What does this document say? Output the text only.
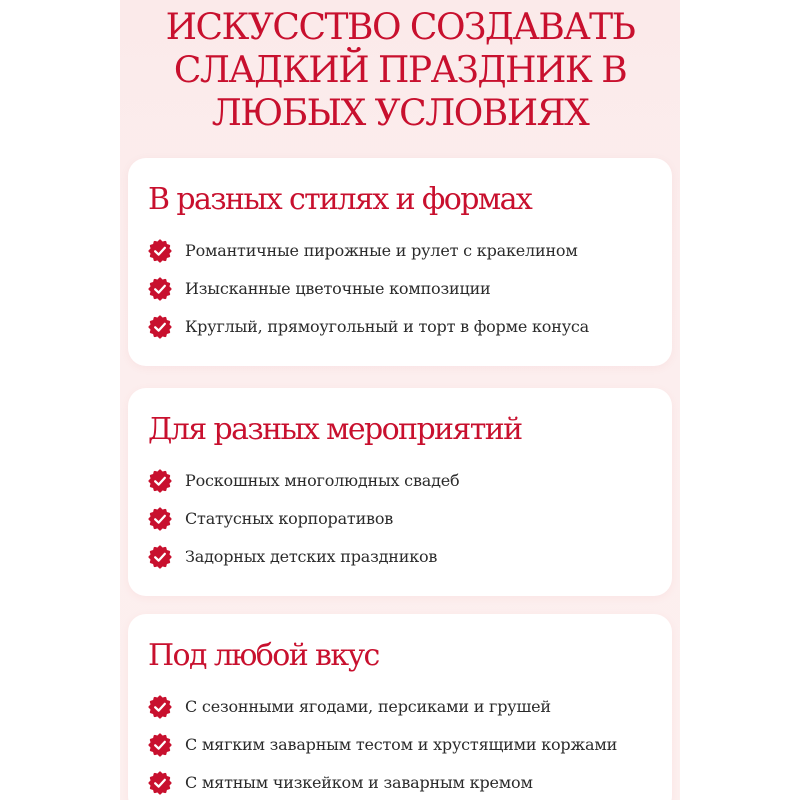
ИСКУССТВО СОЗДАВАТЬ
СЛАДКИЙ ПРАЗДНИК В
ЛЮБЫХ УСЛОВИЯХ
В разных стилях и формах
Романтичные пирожные и рулет с кракелином
Изысканные цветочные композиции
Круглый, прямоугольный и торт в форме конуса
Для разных мероприятий
Роскошных многолюдных свадеб
Статусных корпоративов
Задорных детских праздников
Под любой вкус
С сезонными ягодами, персиками и грушей
С мягким заварным тестом и хрустящими коржами
С мятным чизкейком и заварным кремом
